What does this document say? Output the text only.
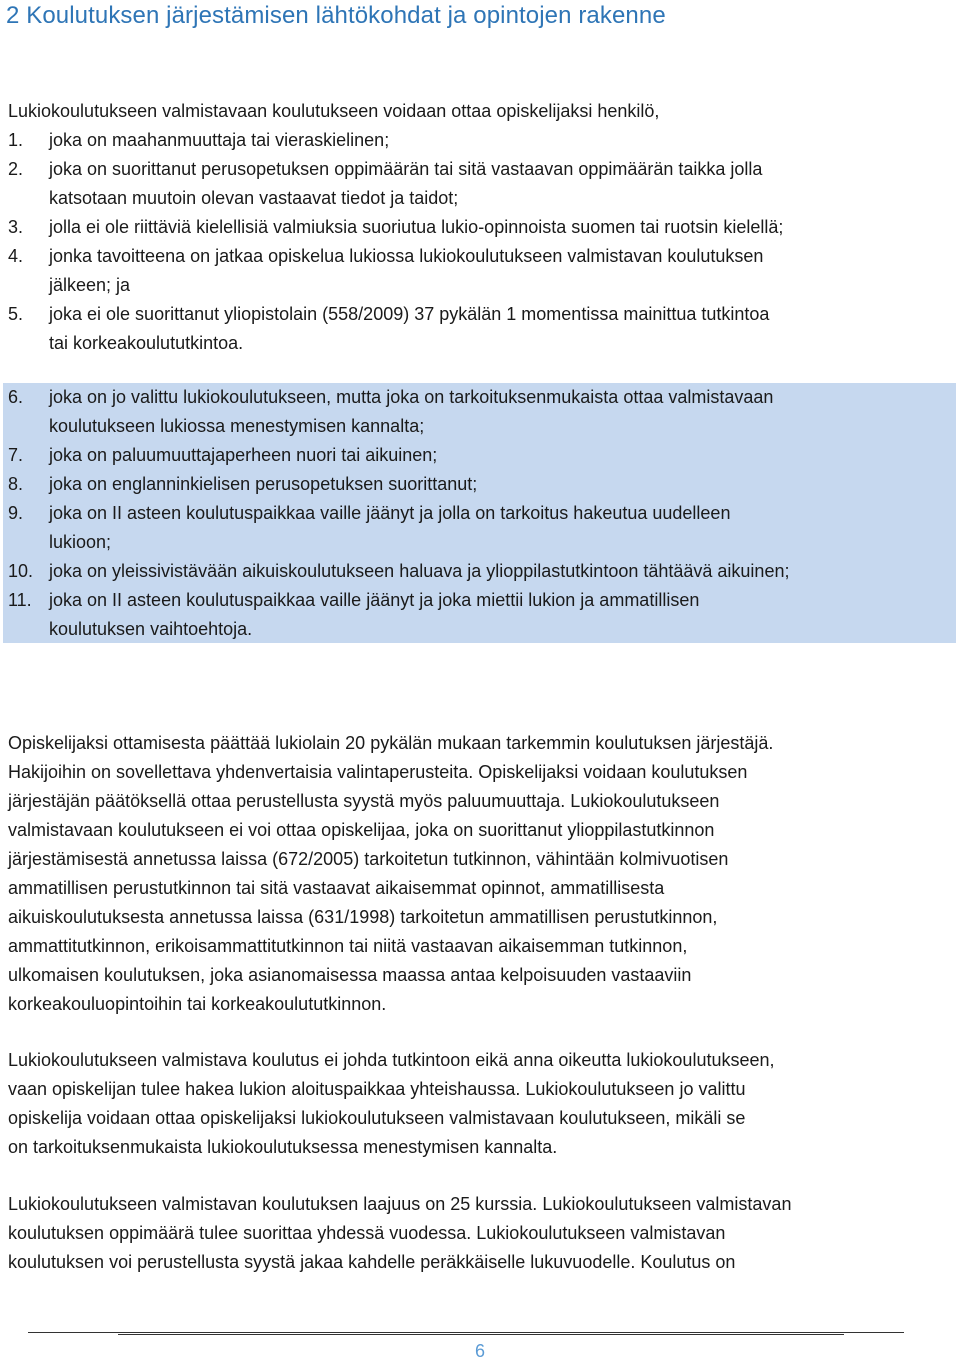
2 Koulutuksen järjestämisen lähtökohdat ja opintojen rakenne

Lukiokoulutukseen valmistavaan koulutukseen voidaan ottaa opiskelijaksi henkilö,

1. joka on maahanmuuttaja tai vieraskielinen;
2. joka on suorittanut perusopetuksen oppimäärän tai sitä vastaavan oppimäärän taikka jolla
katsotaan muutoin olevan vastaavat tiedot ja taidot;
3. jolla ei ole riittäviä kielellisiä valmiuksia suoriutua lukio-opinnoista suomen tai ruotsin kielellä;
4. jonka tavoitteena on jatkaa opiskelua lukiossa lukiokoulutukseen valmistavan koulutuksen
jälkeen; ja
5. joka ei ole suorittanut yliopistolain (558/2009) 37 pykälän 1 momentissa mainittua tutkintoa
tai korkeakoulututkintoa.
6. joka on jo valittu lukiokoulutukseen, mutta joka on tarkoituksenmukaista ottaa valmistavaan
koulutukseen lukiossa menestymisen kannalta;
7. joka on paluumuuttajaperheen nuori tai aikuinen;
8. joka on englanninkielisen perusopetuksen suorittanut;
9. joka on II asteen koulutuspaikkaa vaille jäänyt ja jolla on tarkoitus hakeutua uudelleen
lukioon;
10. joka on yleissivistävään aikuiskoulutukseen haluava ja ylioppilastutkintoon tähtäävä aikuinen;
11. joka on II asteen koulutuspaikkaa vaille jäänyt ja joka miettii lukion ja ammatillisen
koulutuksen vaihtoehtoja.
Opiskelijaksi ottamisesta päättää lukiolain 20 pykälän mukaan tarkemmin koulutuksen järjestäjä.
Hakijoihin on sovellettava yhdenvertaisia valintaperusteita. Opiskelijaksi voidaan koulutuksen
järjestäjän päätöksellä ottaa perustellusta syystä myös paluumuuttaja. Lukiokoulutukseen
valmistavaan koulutukseen ei voi ottaa opiskelijaa, joka on suorittanut ylioppilastutkinnon
järjestämisestä annetussa laissa (672/2005) tarkoitetun tutkinnon, vähintään kolmivuotisen
ammatillisen perustutkinnon tai sitä vastaavat aikaisemmat opinnot, ammatillisesta
aikuiskoulutuksesta annetussa laissa (631/1998) tarkoitetun ammatillisen perustutkinnon,
ammattitutkinnon, erikoisammattitutkinnon tai niitä vastaavan aikaisemman tutkinnon,
ulkomaisen koulutuksen, joka asianomaisessa maassa antaa kelpoisuuden vastaaviin
korkeakouluopintoihin tai korkeakoulututkinnon.
Lukiokoulutukseen valmistava koulutus ei johda tutkintoon eikä anna oikeutta lukiokoulutukseen,
vaan opiskelijan tulee hakea lukion aloituspaikkaa yhteishaussa. Lukiokoulutukseen jo valittu
opiskelija voidaan ottaa opiskelijaksi lukiokoulutukseen valmistavaan koulutukseen, mikäli se
on tarkoituksenmukaista lukiokoulutuksessa menestymisen kannalta.
Lukiokoulutukseen valmistavan koulutuksen laajuus on 25 kurssia. Lukiokoulutukseen valmistavan
koulutuksen oppimäärä tulee suorittaa yhdessä vuodessa. Lukiokoulutukseen valmistavan
koulutuksen voi perustellusta syystä jakaa kahdelle peräkkäiselle lukuvuodelle. Koulutus on
6
